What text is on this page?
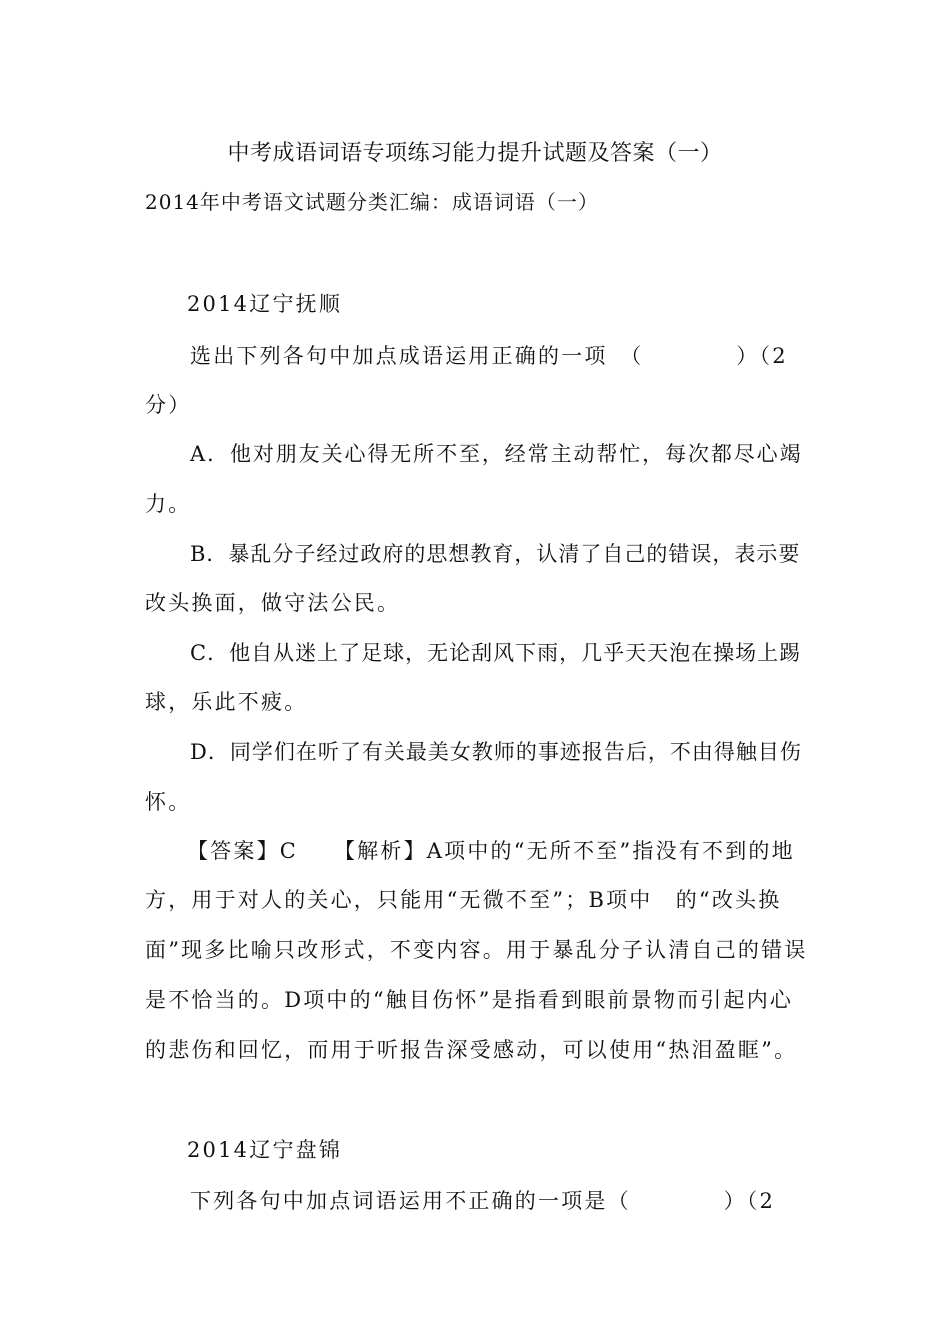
中考成语词语专项练习能力提升试题及答案（一）
2014年中考语文试题分类汇编：成语词语（一）
2014辽宁抚顺
选出下列各句中加点成语运用正确的一项　（　　　　）（2
分）
A．他对朋友关心得无所不至，经常主动帮忙，每次都尽心竭
力。
B．暴乱分子经过政府的思想教育，认清了自己的错误，表示要
改头换面，做守法公民。
C．他自从迷上了足球，无论刮风下雨，几乎天天泡在操场上踢
球，乐此不疲。
D．同学们在听了有关最美女教师的事迹报告后，不由得触目伤
怀。
【答案】C　　【解析】A项中的“无所不至”指没有不到的地
方，用于对人的关心，只能用“无微不至”；B项中　的“改头换
面”现多比喻只改形式，不变内容。用于暴乱分子认清自己的错误
是不恰当的。D项中的“触目伤怀”是指看到眼前景物而引起内心
的悲伤和回忆，而用于听报告深受感动，可以使用“热泪盈眶”。
2014辽宁盘锦
下列各句中加点词语运用不正确的一项是（　　　　）（2
